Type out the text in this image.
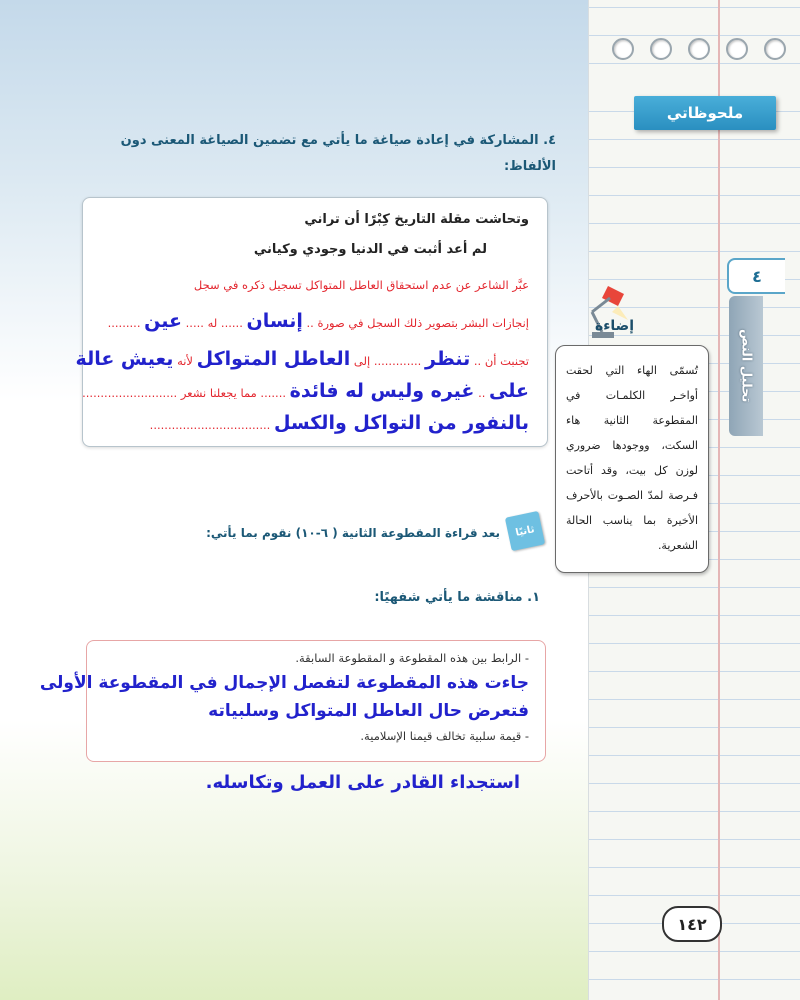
ملحوظاتي
٤
تحليل النص
٤. المشاركة في إعادة صياغة ما يأتي مع تضمين الصياغة المعنى دون الألفاظ:
وتحاشت مقلة التاريخ كِبْرًا أن تراني
لم أعد أثبت في الدنيا وجودي وكياني
عبَّر الشاعر عن عدم استحقاق العاطل المتواكل تسجيل ذكره في سجل
إنجازات البشر بتصوير ذلك السجل في صورة .. إنسان ...... له ..... عين .........
تجنبت أن .. تنظر ............. إلى العاطل المتواكل لأنه يعيش عالة
على .. غيره وليس له فائدة ....... مما يجعلنا نشعر ..........................
بالنفور من التواكل والكسل .................................
إضاءة
تُسمّى الهاء التي لحقت أواخـر الكلمـات في المقطوعة الثانية هاء السكت، ووجودها ضروري لوزن كل بيت، وقد أتاحت فـرصة لمدّ الصـوت بالأحرف الأخيرة بما يناسب الحالة الشعرية.
ثانيًا
بعد قراءة المقطوعة الثانية ( ٦-١٠) نقوم بما يأتي:
١. مناقشة ما يأتي شفهيًا:
- الرابط بين هذه المقطوعة و المقطوعة السابقة.
جاءت هذه المقطوعة لتفصل الإجمال في المقطوعة الأولى
فتعرض حال العاطل المتواكل وسلبياته
- قيمة سلبية تخالف قيمنا الإسلامية.
استجداء القادر على العمل وتكاسله.
١٤٢
